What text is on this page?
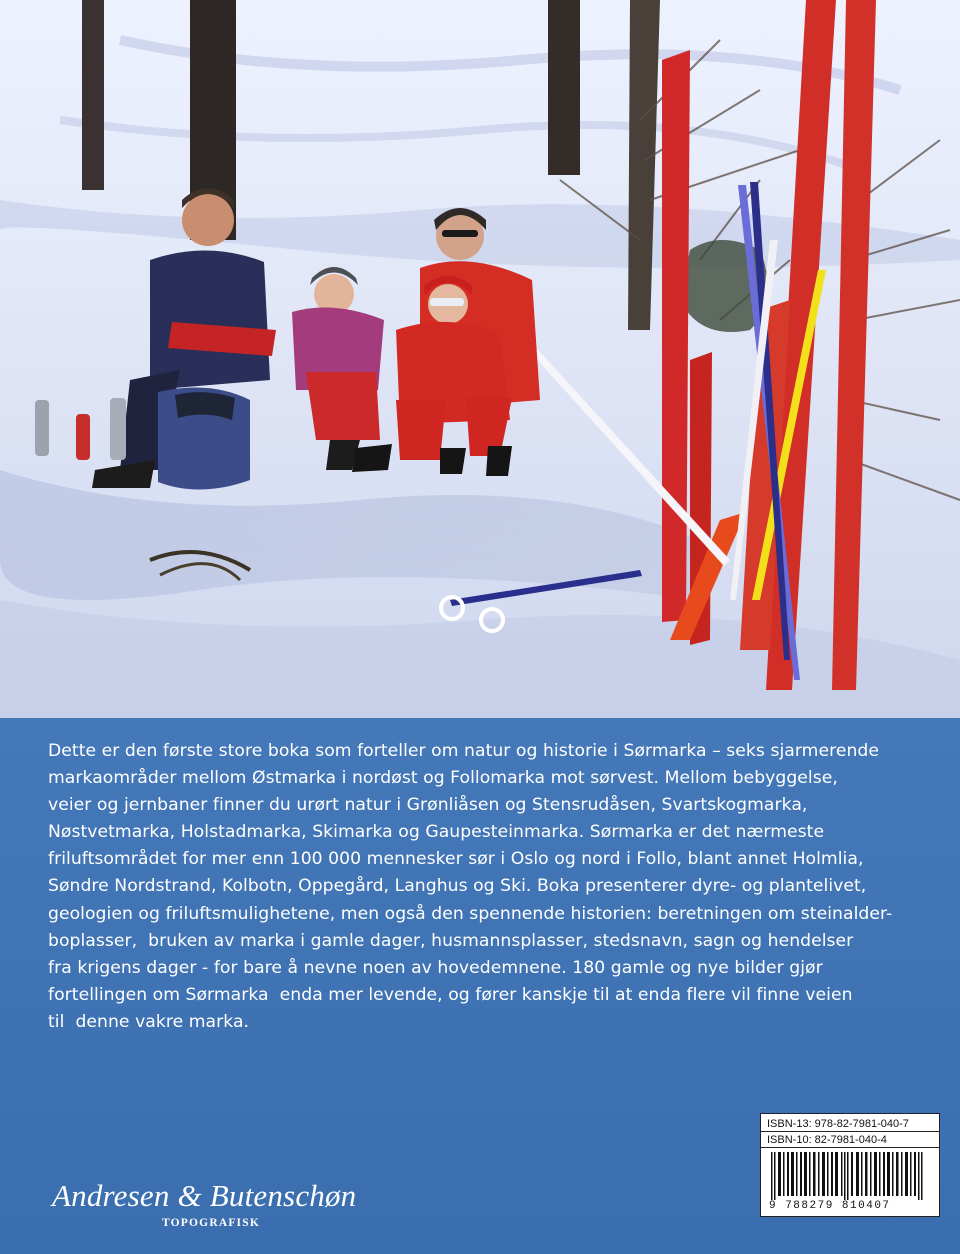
Dette er den første store boka som forteller om natur og historie i Sørmarka – seks sjarmerende
markaområder mellom Østmarka i nordøst og Follomarka mot sørvest. Mellom bebyggelse,
veier og jernbaner finner du urørt natur i Grønliåsen og Stensrudåsen, Svartskogmarka,
Nøstvetmarka, Holstadmarka, Skimarka og Gaupesteinmarka. Sørmarka er det nærmeste
friluftsområdet for mer enn 100 000 mennesker sør i Oslo og nord i Follo, blant annet Holmlia,
Søndre Nordstrand, Kolbotn, Oppegård, Langhus og Ski. Boka presenterer dyre- og plantelivet,
geologien og friluftsmulighetene, men også den spennende historien: beretningen om steinalder-
boplasser,  bruken av marka i gamle dager, husmannsplasser, stedsnavn, sagn og hendelser
fra krigens dager - for bare å nevne noen av hovedemnene. 180 gamle og nye bilder gjør
fortellingen om Sørmarka  enda mer levende, og fører kanskje til at enda flere vil finne veien
til  denne vakre marka.
ISBN-13: 978-82-7981-040-7
ISBN-10: 82-7981-040-4
9 788279 810407
Andresen & Butenschøn
TOPOGRAFISK
